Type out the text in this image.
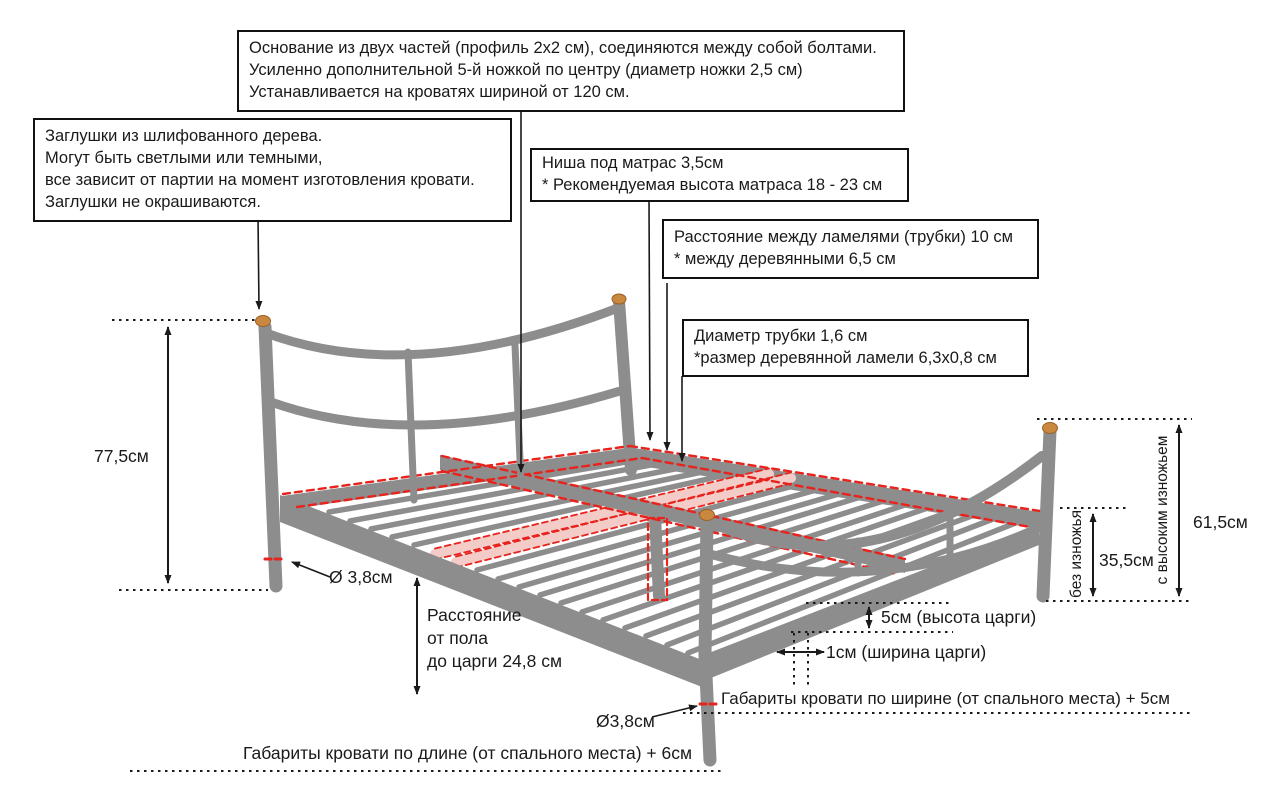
Основание из двух частей (профиль 2x2 см), соединяются между собой болтами.
Усиленно дополнительной 5-й ножкой по центру (диаметр ножки 2,5 см)
Устанавливается на кроватях шириной от 120 см.
Заглушки из шлифованного дерева.
Могут быть светлыми или темными,
все зависит от партии на момент изготовления кровати.
Заглушки не окрашиваются.
Ниша под матрас 3,5см
* Рекомендуемая высота матраса 18 - 23 см
Расстояние между ламелями (трубки) 10 см
* между деревянными 6,5 см
Диаметр трубки 1,6 см
*размер деревянной ламели 6,3x0,8 см
77,5см
Ø 3,8см
Расстояние
от пола
до царги 24,8 см
без изножья 35,5см с высоким изножьем 61,5см
5см (высота царги)
1см (ширина царги)
Габариты кровати по ширине (от спального места) + 5см
Ø3,8см
Габариты кровати по длине (от спального места) + 6см
